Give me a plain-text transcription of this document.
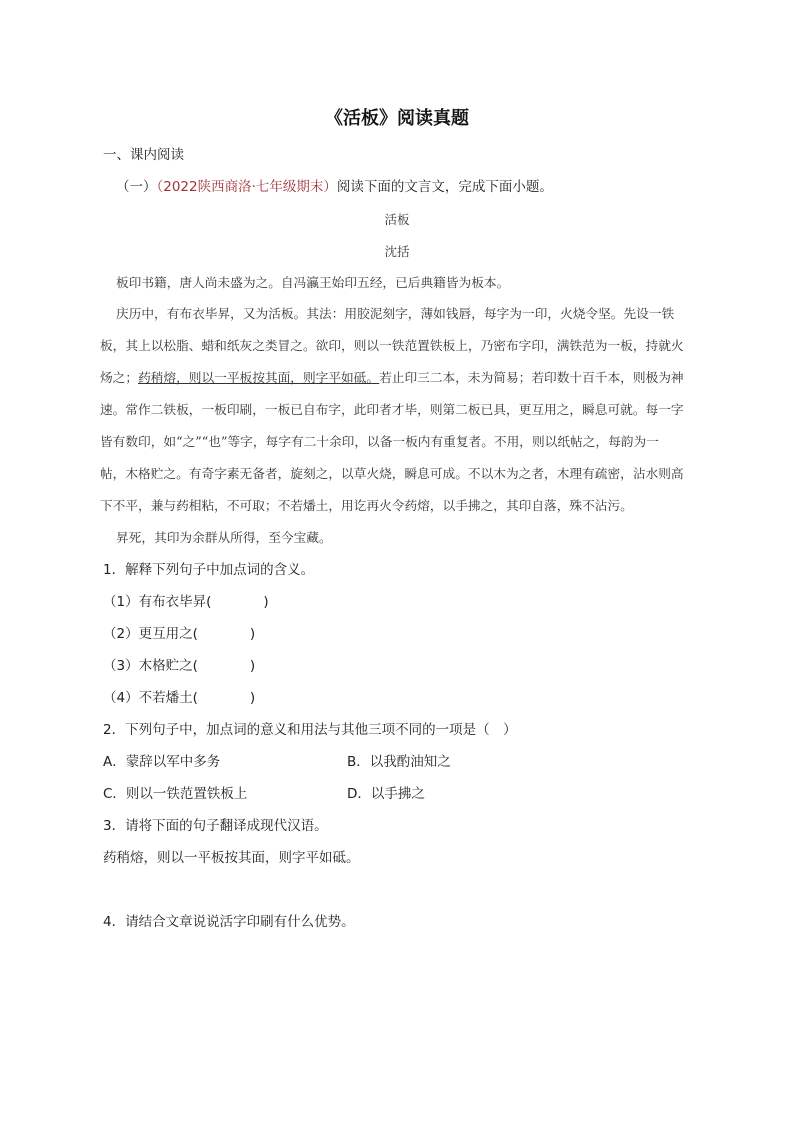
《活板》阅读真题
一、课内阅读
（一）（2022陕西商洛·七年级期末）阅读下面的文言文，完成下面小题。
活板
沈括
板印书籍，唐人尚未盛为之。自冯瀛王始印五经，已后典籍皆为板本。
庆历中，有布衣毕昇，又为活板。其法：用胶泥刻字，薄如钱唇，每字为一印，火烧令坚。先设一铁
板，其上以松脂、蜡和纸灰之类冒之。欲印，则以一铁范置铁板上，乃密布字印，满铁范为一板，持就火
炀之；药稍熔，则以一平板按其面，则字平如砥。若止印三二本，未为简易；若印数十百千本，则极为神
速。常作二铁板，一板印刷，一板已自布字，此印者才毕，则第二板已具，更互用之，瞬息可就。每一字
皆有数印，如“之”“也”等字，每字有二十余印，以备一板内有重复者。不用，则以纸帖之，每韵为一
帖，木格贮之。有奇字素无备者，旋刻之，以草火烧，瞬息可成。不以木为之者，木理有疏密，沾水则高
下不平，兼与药相粘，不可取；不若燔土，用讫再火令药熔，以手拂之，其印自落，殊不沾污。
昇死，其印为余群从所得，至今宝藏。
1．解释下列句子中加点词的含义。
（1）有布衣毕昇(	)
（2）更互用之(	)
（3）木格贮之(	)
（4）不若燔土(	)
2．下列句子中，加点词的意义和用法与其他三项不同的一项是（　）
A．蒙辞以军中多务	B．以我酌油知之
C．则以一铁范置铁板上	D．以手拂之
3．请将下面的句子翻译成现代汉语。
药稍熔，则以一平板按其面，则字平如砥。
4．请结合文章说说活字印刷有什么优势。
